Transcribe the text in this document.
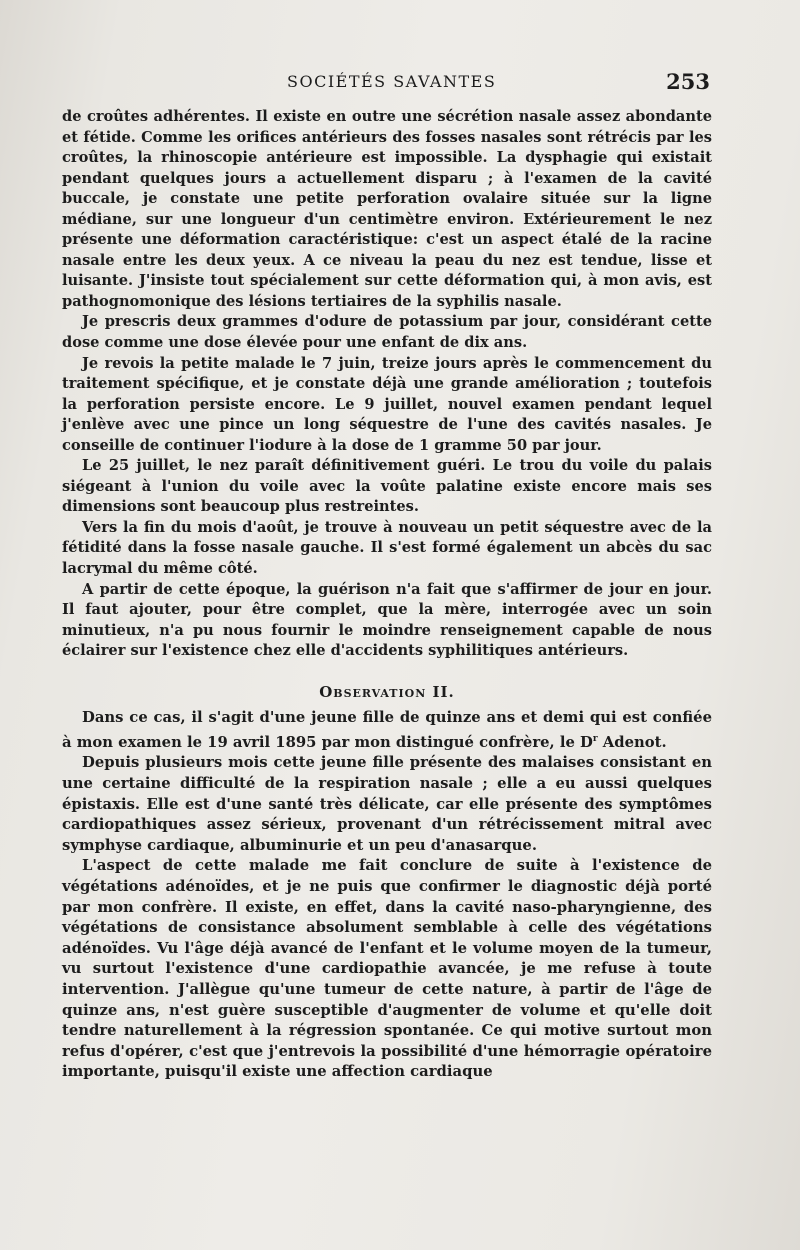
SOCIÉTÉS SAVANTES	253

de croûtes adhérentes. Il existe en outre une sécrétion nasale assez abondante et fétide. Comme les orifices antérieurs des fosses nasales sont rétrécis par les croûtes, la rhinoscopie antérieure est impossible. La dysphagie qui existait pendant quelques jours a actuellement disparu ; à l'examen de la cavité buccale, je constate une petite perforation ovalaire située sur la ligne médiane, sur une longueur d'un centimètre environ. Extérieurement le nez présente une déformation caractéristique: c'est un aspect étalé de la racine nasale entre les deux yeux. A ce niveau la peau du nez est tendue, lisse et luisante. J'insiste tout spécialement sur cette déformation qui, à mon avis, est pathognomonique des lésions tertiaires de la syphilis nasale.

Je prescris deux grammes d'odure de potassium par jour, considérant cette dose comme une dose élevée pour une enfant de dix ans.

Je revois la petite malade le 7 juin, treize jours après le commencement du traitement spécifique, et je constate déjà une grande amélioration ; toutefois la perforation persiste encore. Le 9 juillet, nouvel examen pendant lequel j'enlève avec une pince un long séquestre de l'une des cavités nasales. Je conseille de continuer l'iodure à la dose de 1 gramme 50 par jour.

Le 25 juillet, le nez paraît définitivement guéri. Le trou du voile du palais siégeant à l'union du voile avec la voûte palatine existe encore mais ses dimensions sont beaucoup plus restreintes.

Vers la fin du mois d'août, je trouve à nouveau un petit séquestre avec de la fétidité dans la fosse nasale gauche. Il s'est formé également un abcès du sac lacrymal du même côté.

A partir de cette époque, la guérison n'a fait que s'affirmer de jour en jour. Il faut ajouter, pour être complet, que la mère, interrogée avec un soin minutieux, n'a pu nous fournir le moindre renseignement capable de nous éclairer sur l'existence chez elle d'accidents syphilitiques antérieurs.

Observation II.

Dans ce cas, il s'agit d'une jeune fille de quinze ans et demi qui est confiée à mon examen le 19 avril 1895 par mon distingué confrère, le $D^r$ Adenot.

Depuis plusieurs mois cette jeune fille présente des malaises consistant en une certaine difficulté de la respiration nasale ; elle a eu aussi quelques épistaxis. Elle est d'une santé très délicate, car elle présente des symptômes cardiopathiques assez sérieux, provenant d'un rétrécissement mitral avec symphyse cardiaque, albuminurie et un peu d'anasarque.

L'aspect de cette malade me fait conclure de suite à l'existence de végétations adénoïdes, et je ne puis que confirmer le diagnostic déjà porté par mon confrère. Il existe, en effet, dans la cavité naso-pharyngienne, des végétations de consistance absolument semblable à celle des végétations adénoïdes. Vu l'âge déjà avancé de l'enfant et le volume moyen de la tumeur, vu surtout l'existence d'une cardiopathie avancée, je me refuse à toute intervention. J'allègue qu'une tumeur de cette nature, à partir de l'âge de quinze ans, n'est guère susceptible d'augmenter de volume et qu'elle doit tendre naturellement à la régression spontanée. Ce qui motive surtout mon refus d'opérer, c'est que j'entrevois la possibilité d'une hémorragie opératoire importante, puisqu'il existe une affection cardiaque
